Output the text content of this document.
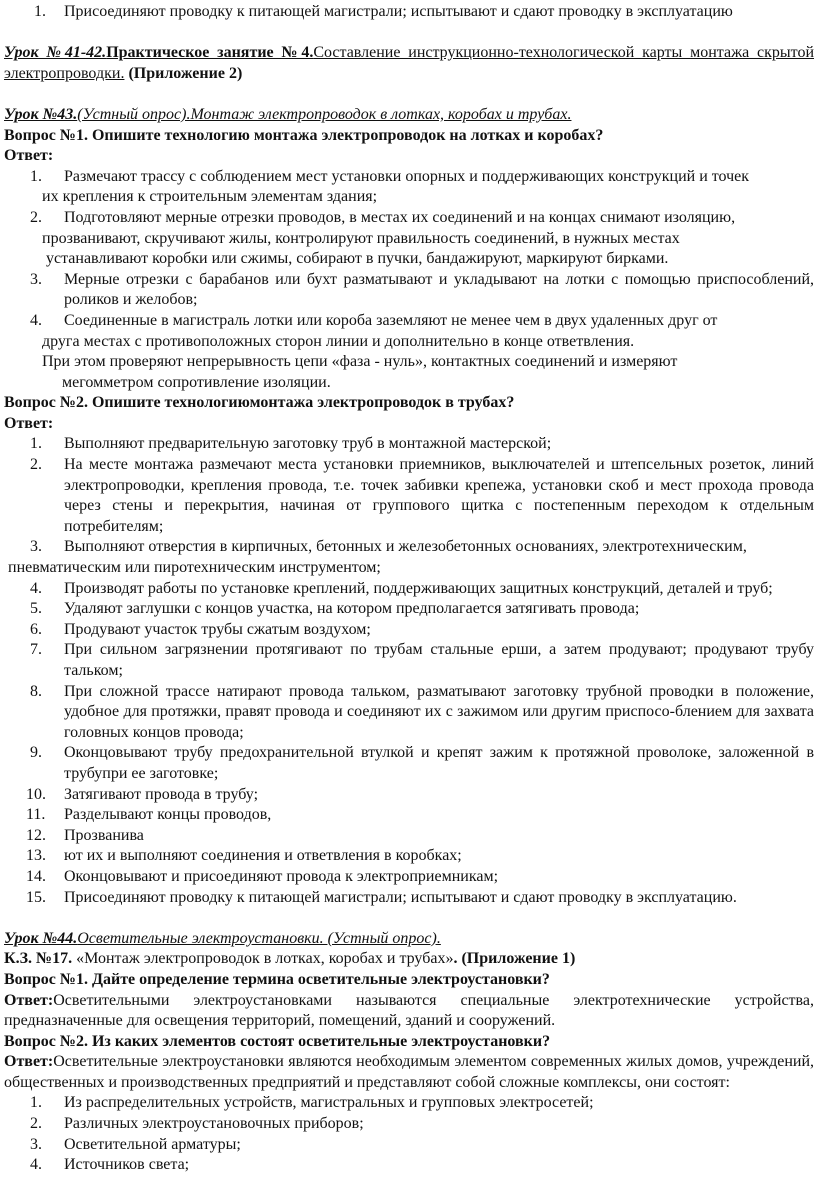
1. Присоединяют проводку к питающей магистрали; испытывают и сдают проводку в эксплуатацию

Урок №41-42.Практическое занятие №4.Составление инструкционно-технологической карты монтажа скрытой электропроводки. (Приложение 2)

Урок №43.(Устный опрос).Монтаж электропроводок в лотках, коробах и трубах.

Вопрос №1. Опишите технологию монтажа электропроводок на лотках и коробах?

Ответ:

1. Размечают трассу с соблюдением мест установки опорных и поддерживающих конструкций и точек
их крепления к строительным элементам здания;
2. Подготовляют мерные отрезки проводов, в местах их соединений и на концах снимают изоляцию,
прозванивают, скручивают жилы, контролируют правильность соединений, в нужных местах
устанавливают коробки или сжимы, собирают в пучки, бандажируют, маркируют бирками.
3. Мерные отрезки с барабанов или бухт разматывают и укладывают на лотки с помощью приспособлений, роликов и желобов;
4. Соединенные в магистраль лотки или короба заземляют не менее чем в двух удаленных друг от
друга местах с противоположных сторон линии и дополнительно в конце ответвления.

При этом проверяют непрерывность цепи «фаза - нуль», контактных соединений и измеряют

мегомметром сопротивление изоляции.

Вопрос №2. Опишите технологиюмонтажа электропроводок в трубах?

Ответ:

1. Выполняют предварительную заготовку труб в монтажной мастерской;
2. На месте монтажа размечают места установки приемников, выключателей и штепсельных розеток, линий электропроводки, крепления провода, т.е. точек забивки крепежа, установки скоб и мест прохода провода через стены и перекрытия, начиная от группового щитка с постепенным переходом к отдельным потребителям;
3. Выполняют отверстия в кирпичных, бетонных и железобетонных основаниях, электротехническим,
пневматическим или пиротехническим инструментом;
4. Производят работы по установке креплений, поддерживающих защитных конструкций, деталей и труб;
5. Удаляют заглушки с концов участка, на котором предполагается затягивать провода;
6. Продувают участок трубы сжатым воздухом;
7. При сильном загрязнении протягивают по трубам стальные ерши, а затем продувают; продувают трубу тальком;
8. При сложной трассе натирают провода тальком, разматывают заготовку трубной проводки в положение, удобное для протяжки, правят провода и соединяют их с зажимом или другим приспосо-блением для захвата головных концов провода;
9. Оконцовывают трубу предохранительной втулкой и крепят зажим к протяжной проволоке, заложенной в трубупри ее заготовке;
10. Затягивают провода в трубу;
11. Разделывают концы проводов,
12. Прозванива
13. ют их и выполняют соединения и ответвления в коробках;
14. Оконцовывают и присоединяют провода к электроприемникам;
15. Присоединяют проводку к питающей магистрали; испытывают и сдают проводку в эксплуатацию.

Урок №44.Осветительные электроустановки. (Устный опрос).

К.З. №17. «Монтаж электропроводок в лотках, коробах и трубах». (Приложение 1)

Вопрос №1. Дайте определение термина осветительные электроустановки?

Ответ:Осветительными электроустановками называются специальные электротехнические устройства, предназначенные для освещения территорий, помещений, зданий и сооружений.

Вопрос №2. Из каких элементов состоят осветительные электроустановки?

Ответ:Осветительные электроустановки являются необходимым элементом современных жилых домов, учреждений, общественных и производственных предприятий и представляют собой сложные комплексы, они состоят:

1. Из распределительных устройств, магистральных и групповых электросетей;
2. Различных электроустановочных приборов;
3. Осветительной арматуры;
4. Источников света;
